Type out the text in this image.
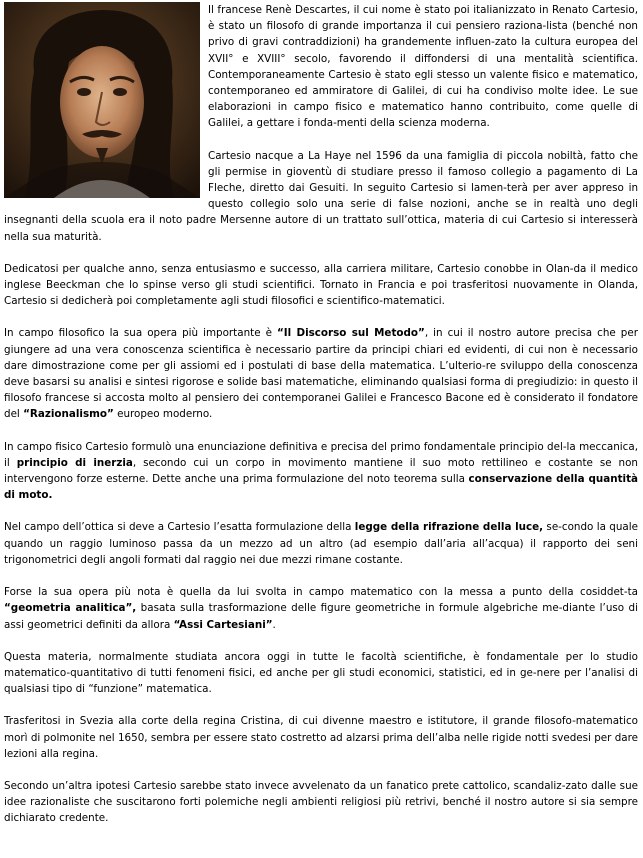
Il francese Renè Descartes, il cui nome è stato poi italianizzato in Renato Cartesio, è stato un filosofo di grande importanza il cui pensiero raziona-lista (benché non privo di gravi contraddizioni) ha grandemente influen-zato la cultura europea del XVII° e XVIII° secolo, favorendo il diffondersi di una mentalità scientifica. Contemporaneamente Cartesio è stato egli stesso un valente fisico e matematico, contemporaneo ed ammiratore di Galilei, di cui ha condiviso molte idee. Le sue elaborazioni in campo fisico e matematico hanno contribuito, come quelle di Galilei, a gettare i fonda-menti della scienza moderna.

Cartesio nacque a La Haye nel 1596 da una famiglia di piccola nobiltà, fatto che gli permise in gioventù di studiare presso il famoso collegio a pagamento di La Fleche, diretto dai Gesuiti. In seguito Cartesio si lamen-terà per aver appreso in questo collegio solo una serie di false nozioni, anche se in realtà uno degli insegnanti della scuola era il noto padre Mersenne autore di un trattato sull’ottica, materia di cui Cartesio si interesserà nella sua maturità.

Dedicatosi per qualche anno, senza entusiasmo e successo, alla carriera militare, Cartesio conobbe in Olan-da il medico inglese Beeckman che lo spinse verso gli studi scientifici. Tornato in Francia e poi trasferitosi nuovamente in Olanda, Cartesio si dedicherà poi completamente agli studi filosofici e scientifico-matematici.

In campo filosofico la sua opera più importante è “Il Discorso sul Metodo”, in cui il nostro autore precisa che per giungere ad una vera conoscenza scientifica è necessario partire da principi chiari ed evidenti, di cui non è necessario dare dimostrazione come per gli assiomi ed i postulati di base della matematica. L’ulterio-re sviluppo della conoscenza deve basarsi su analisi e sintesi rigorose e solide basi matematiche, eliminando qualsiasi forma di pregiudizio: in questo il filosofo francese si accosta molto al pensiero dei contemporanei Galilei e Francesco Bacone ed è considerato il fondatore del “Razionalismo” europeo moderno.

In campo fisico Cartesio formulò una enunciazione definitiva e precisa del primo fondamentale principio del-la meccanica, il principio di inerzia, secondo cui un corpo in movimento mantiene il suo moto rettilineo e costante se non intervengono forze esterne. Dette anche una prima formulazione del noto teorema sulla conservazione della quantità di moto.

Nel campo dell’ottica si deve a Cartesio l’esatta formulazione della legge della rifrazione della luce, se-condo la quale quando un raggio luminoso passa da un mezzo ad un altro (ad esempio dall’aria all’acqua) il rapporto dei seni trigonometrici degli angoli formati dal raggio nei due mezzi rimane costante.

Forse la sua opera più nota è quella da lui svolta in campo matematico con la messa a punto della cosiddet-ta “geometria analitica”, basata sulla trasformazione delle figure geometriche in formule algebriche me-diante l’uso di assi geometrici definiti da allora “Assi Cartesiani”.

Questa materia, normalmente studiata ancora oggi in tutte le facoltà scientifiche, è fondamentale per lo studio matematico-quantitativo di tutti fenomeni fisici, ed anche per gli studi economici, statistici, ed in ge-nere per l’analisi di qualsiasi tipo di “funzione” matematica.

Trasferitosi in Svezia alla corte della regina Cristina, di cui divenne maestro e istitutore, il grande filosofo-matematico morì di polmonite nel 1650, sembra per essere stato costretto ad alzarsi prima dell’alba nelle rigide notti svedesi per dare lezioni alla regina.

Secondo un’altra ipotesi Cartesio sarebbe stato invece avvelenato da un fanatico prete cattolico, scandaliz-zato dalle sue idee razionaliste che suscitarono forti polemiche negli ambienti religiosi più retrivi, benché il nostro autore si sia sempre dichiarato credente.
